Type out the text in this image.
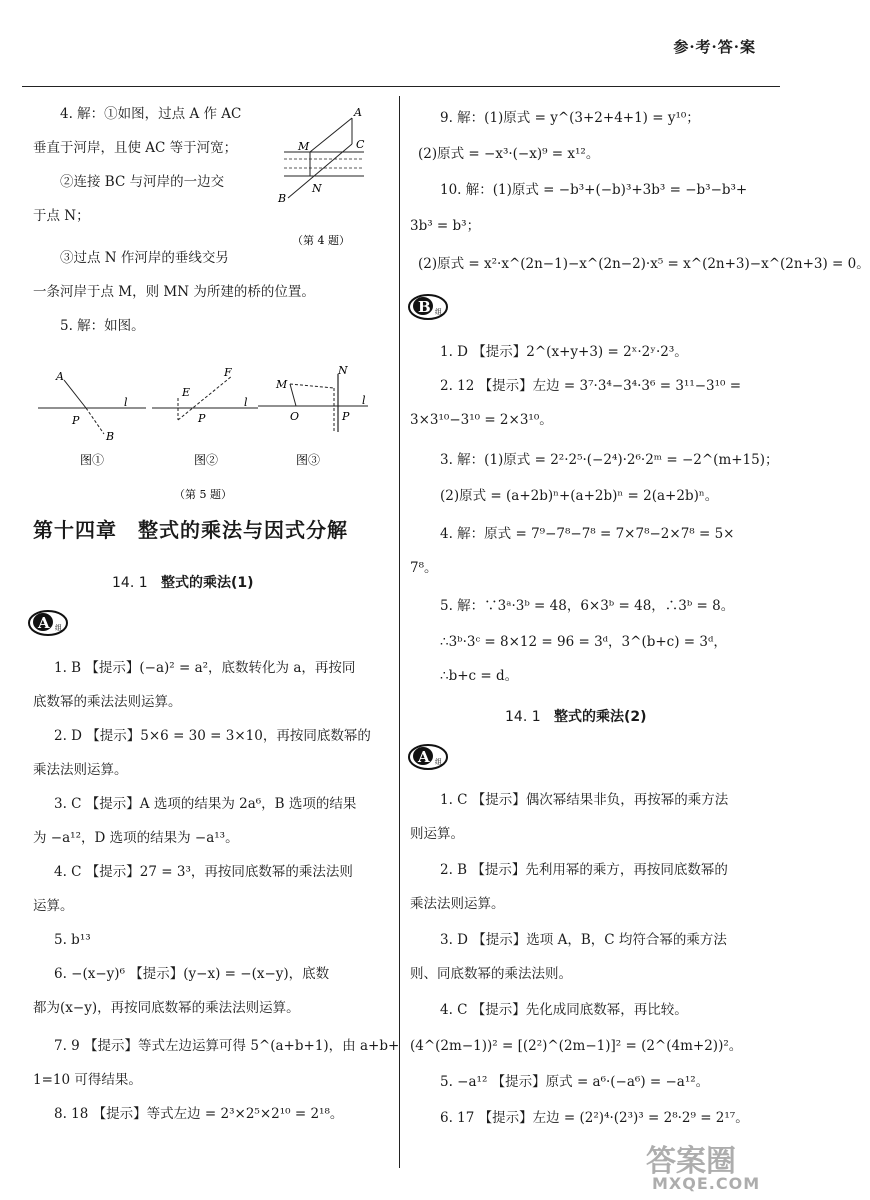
参·考·答·案
4. 解：①如图，过点 A 作 AC
垂直于河岸，且使 AC 等于河宽；
②连接 BC 与河岸的一边交
于点 N；
③过点 N 作河岸的垂线交另
一条河岸于点 M，则 MN 为所建的桥的位置。
A
M	C
N
B
（第 4 题）
5. 解：如图。
A
P
B
l
图①
E
F
P
l
图②
M
N
O	P
l
图③
（第 5 题）
第十四章　整式的乘法与因式分解
14. 1 整式的乘法(1)
A 组
1. B 【提示】(−a)² = a²，底数转化为 a，再按同
底数幂的乘法法则运算。
2. D 【提示】5×6 = 30 = 3×10，再按同底数幂的
乘法法则运算。
3. C 【提示】A 选项的结果为 2a⁶，B 选项的结果
为 −a¹²，D 选项的结果为 −a¹³。
4. C 【提示】27 = 3³，再按同底数幂的乘法法则
运算。
5. b¹³
6. −(x−y)⁶ 【提示】(y−x) = −(x−y)，底数
都为(x−y)，再按同底数幂的乘法法则运算。
7. 9 【提示】等式左边运算可得 5^(a+b+1)，由 a+b+
1=10 可得结果。
8. 18 【提示】等式左边 = 2³×2⁵×2¹⁰ = 2¹⁸。
9. 解：(1)原式 = y^(3+2+4+1) = y¹⁰；
(2)原式 = −x³·(−x)⁹ = x¹²。
10. 解：(1)原式 = −b³+(−b)³+3b³ = −b³−b³+
3b³ = b³；
(2)原式 = x²·x^(2n−1)−x^(2n−2)·x⁵ = x^(2n+3)−x^(2n+3) = 0。
B 组
1. D 【提示】2^(x+y+3) = 2ˣ·2ʸ·2³。
2. 12 【提示】左边 = 3⁷·3⁴−3⁴·3⁶ = 3¹¹−3¹⁰ =
3×3¹⁰−3¹⁰ = 2×3¹⁰。
3. 解：(1)原式 = 2²·2⁵·(−2⁴)·2⁶·2ᵐ = −2^(m+15)；
(2)原式 = (a+2b)ⁿ+(a+2b)ⁿ = 2(a+2b)ⁿ。
4. 解：原式 = 7⁹−7⁸−7⁸ = 7×7⁸−2×7⁸ = 5×
7⁸。
5. 解：∵3ᵃ·3ᵇ = 48，6×3ᵇ = 48，∴3ᵇ = 8。
∴3ᵇ·3ᶜ = 8×12 = 96 = 3ᵈ，3^(b+c) = 3ᵈ，
∴b+c = d。
14. 1 整式的乘法(2)
A 组
1. C 【提示】偶次幂结果非负，再按幂的乘方法
则运算。
2. B 【提示】先利用幂的乘方，再按同底数幂的
乘法法则运算。
3. D 【提示】选项 A，B，C 均符合幂的乘方法
则、同底数幂的乘法法则。
4. C 【提示】先化成同底数幂，再比较。
(4^(2m−1))² = [(2²)^(2m−1)]² = (2^(4m+2))²。
5. −a¹² 【提示】原式 = a⁶·(−a⁶) = −a¹²。
6. 17 【提示】左边 = (2²)⁴·(2³)³ = 2⁸·2⁹ = 2¹⁷。
答案圈
MXQE.COM
